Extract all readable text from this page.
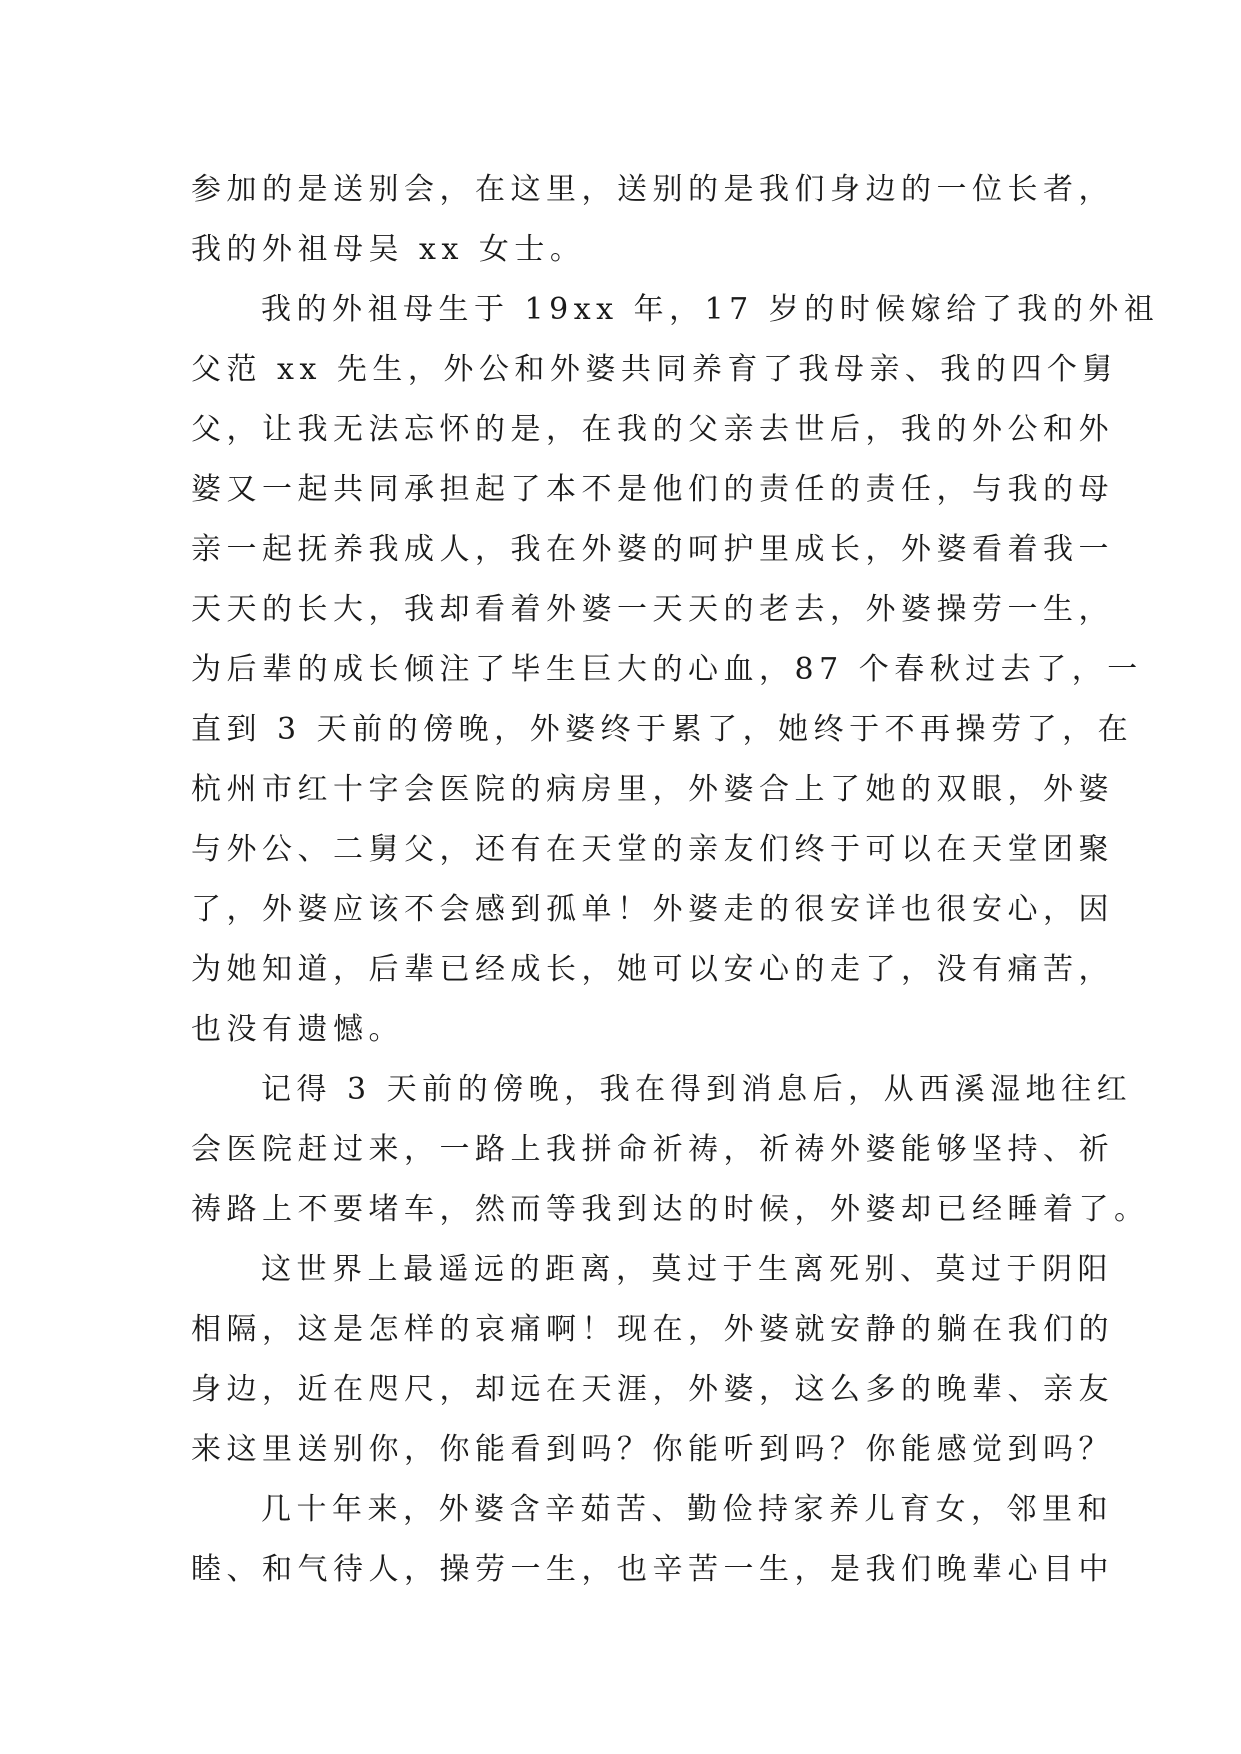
参加的是送别会，在这里，送别的是我们身边的一位长者，
我的外祖母吴 xx 女士。
我的外祖母生于 19xx 年，17 岁的时候嫁给了我的外祖
父范 xx 先生，外公和外婆共同养育了我母亲、我的四个舅
父，让我无法忘怀的是，在我的父亲去世后，我的外公和外
婆又一起共同承担起了本不是他们的责任的责任，与我的母
亲一起抚养我成人，我在外婆的呵护里成长，外婆看着我一
天天的长大，我却看着外婆一天天的老去，外婆操劳一生，
为后辈的成长倾注了毕生巨大的心血，87 个春秋过去了，一
直到 3 天前的傍晚，外婆终于累了，她终于不再操劳了，在
杭州市红十字会医院的病房里，外婆合上了她的双眼，外婆
与外公、二舅父，还有在天堂的亲友们终于可以在天堂团聚
了，外婆应该不会感到孤单！外婆走的很安详也很安心，因
为她知道，后辈已经成长，她可以安心的走了，没有痛苦，
也没有遗憾。
记得 3 天前的傍晚，我在得到消息后，从西溪湿地往红
会医院赶过来，一路上我拼命祈祷，祈祷外婆能够坚持、祈
祷路上不要堵车，然而等我到达的时候，外婆却已经睡着了。
这世界上最遥远的距离，莫过于生离死别、莫过于阴阳
相隔，这是怎样的哀痛啊！现在，外婆就安静的躺在我们的
身边，近在咫尺，却远在天涯，外婆，这么多的晚辈、亲友
来这里送别你，你能看到吗？你能听到吗？你能感觉到吗？
几十年来，外婆含辛茹苦、勤俭持家养儿育女，邻里和
睦、和气待人，操劳一生，也辛苦一生，是我们晚辈心目中
